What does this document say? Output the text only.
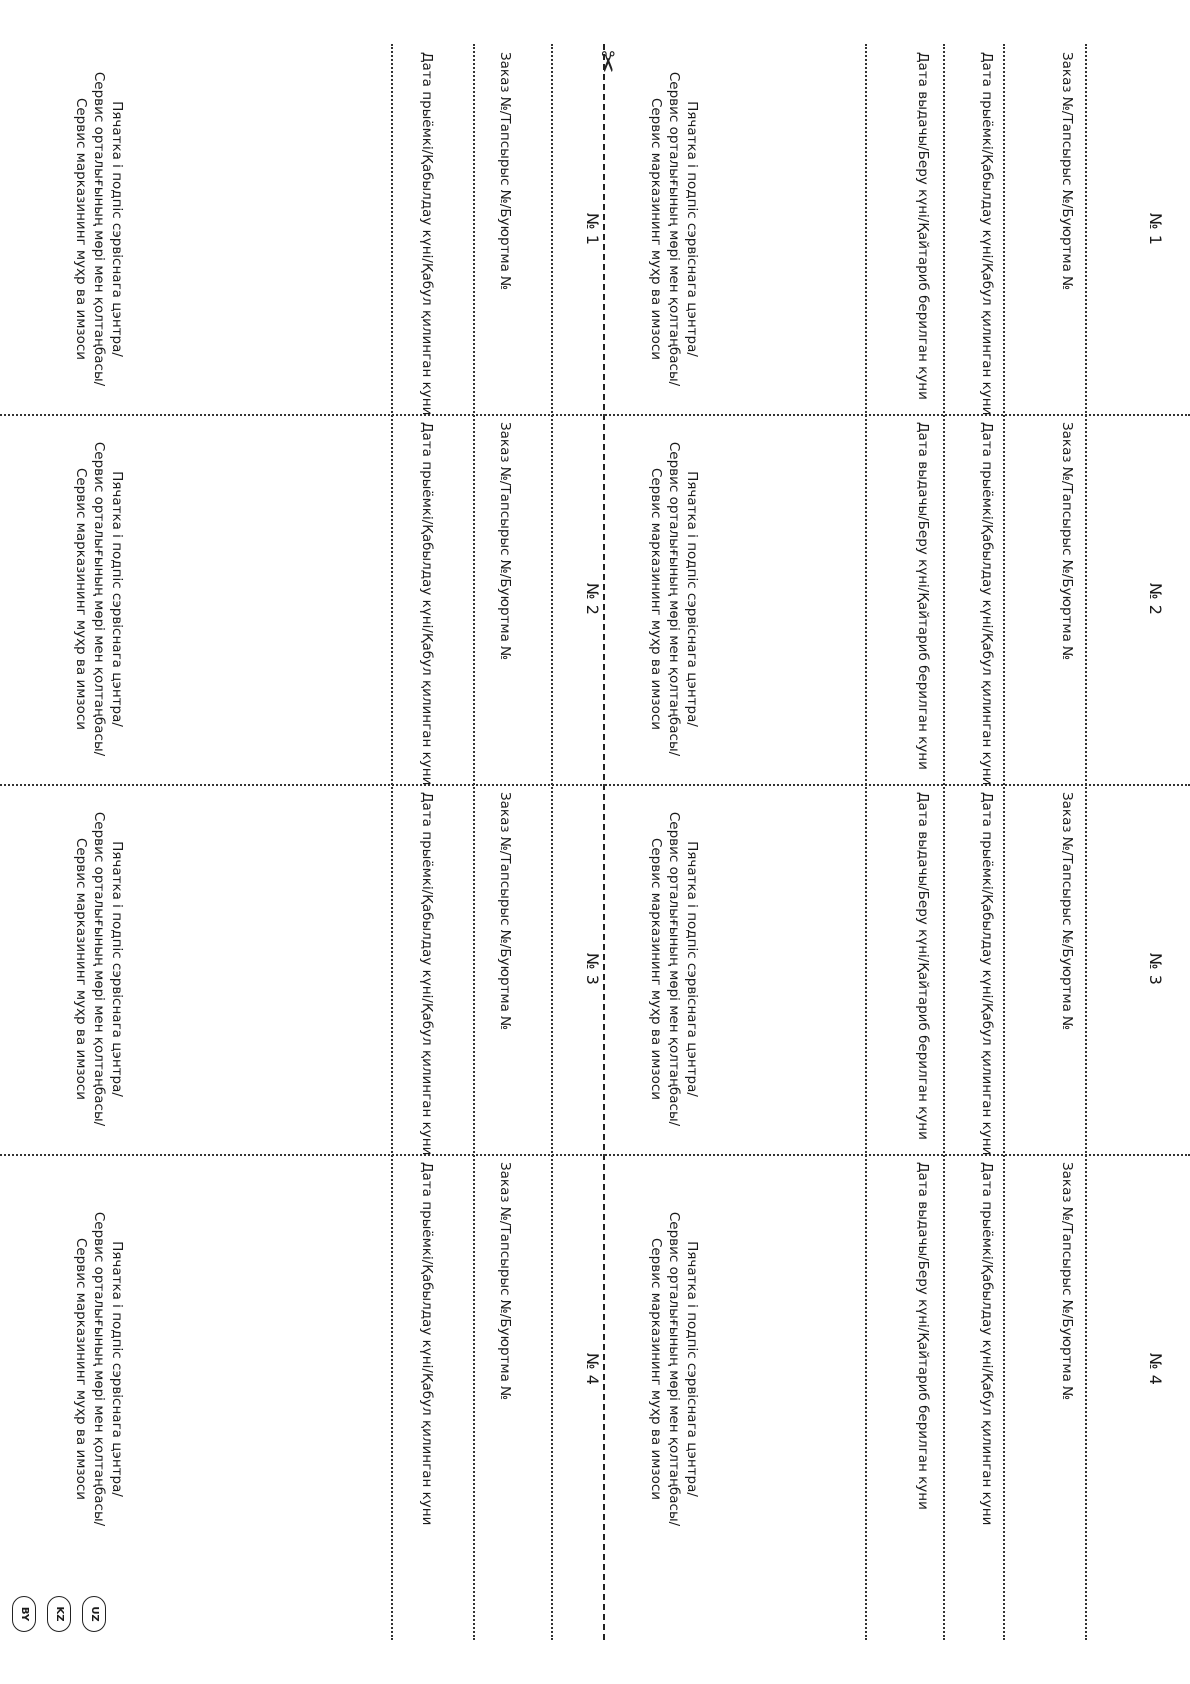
№ 1
Заказ №/Тапсырыс №/Буюртма №
Дата прыёмкі/Қабылдау күні/Қабул қилинган куни
Дата выдачы/Беру күні/Қайтариб берилган куни
Пячатка і подпіс сэрвіснага цэнтра/
Сервис орталығының мөрі мен қолтаңбасы/
Сервис марказининг муҳр ва имзоси
№ 2
Заказ №/Тапсырыс №/Буюртма №
Дата прыёмкі/Қабылдау күні/Қабул қилинган куни
Дата выдачы/Беру күні/Қайтариб берилган куни
Пячатка і подпіс сэрвіснага цэнтра/
Сервис орталығының мөрі мен қолтаңбасы/
Сервис марказининг муҳр ва имзоси
№ 3
Заказ №/Тапсырыс №/Буюртма №
Дата прыёмкі/Қабылдау күні/Қабул қилинган куни
Дата выдачы/Беру күні/Қайтариб берилган куни
Пячатка і подпіс сэрвіснага цэнтра/
Сервис орталығының мөрі мен қолтаңбасы/
Сервис марказининг муҳр ва имзоси
№ 4
Заказ №/Тапсырыс №/Буюртма №
Дата прыёмкі/Қабылдау күні/Қабул қилинган куни
Дата выдачы/Беру күні/Қайтариб берилган куни
Пячатка і подпіс сэрвіснага цэнтра/
Сервис орталығының мөрі мен қолтаңбасы/
Сервис марказининг муҳр ва имзоси
✂
№ 1
Заказ №/Тапсырыс №/Буюртма №
Дата прыёмкі/Қабылдау күні/Қабул қилинган куни
Пячатка і подпіс сэрвіснага цэнтра/
Сервис орталығының мөрі мен қолтаңбасы/
Сервис марказининг муҳр ва имзоси
№ 2
Заказ №/Тапсырыс №/Буюртма №
Дата прыёмкі/Қабылдау күні/Қабул қилинган куни
Пячатка і подпіс сэрвіснага цэнтра/
Сервис орталығының мөрі мен қолтаңбасы/
Сервис марказининг муҳр ва имзоси
№ 3
Заказ №/Тапсырыс №/Буюртма №
Дата прыёмкі/Қабылдау күні/Қабул қилинган куни
Пячатка і подпіс сэрвіснага цэнтра/
Сервис орталығының мөрі мен қолтаңбасы/
Сервис марказининг муҳр ва имзоси
№ 4
Заказ №/Тапсырыс №/Буюртма №
Дата прыёмкі/Қабылдау күні/Қабул қилинган куни
Пячатка і подпіс сэрвіснага цэнтра/
Сервис орталығының мөрі мен қолтаңбасы/
Сервис марказининг муҳр ва имзоси
BY	KZ	UZ
